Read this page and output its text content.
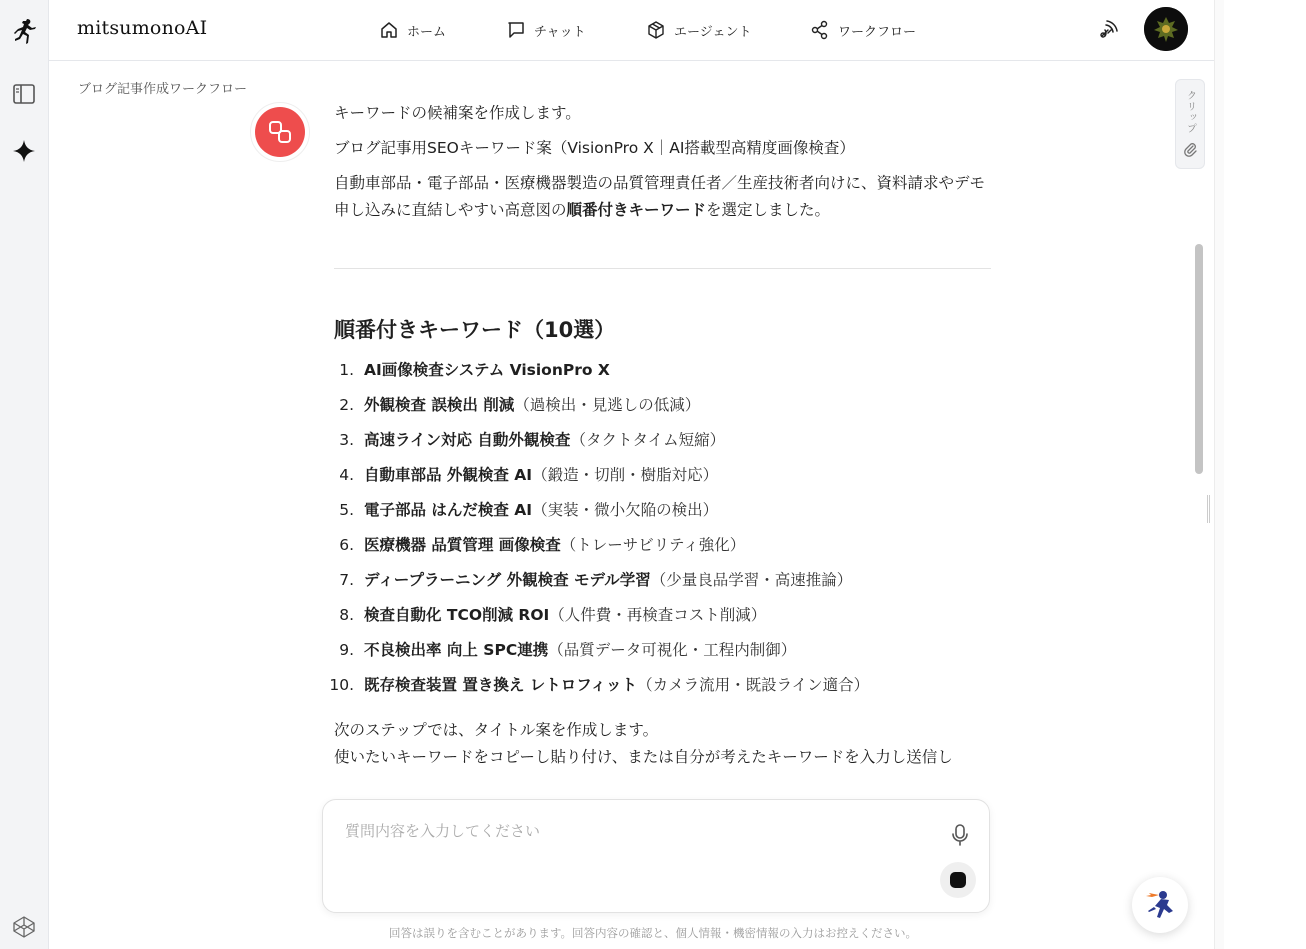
mitsumonoAI	ホーム	チャット	エージェント	ワークフロー
ブログ記事作成ワークフロー
クリップ

キーワードの候補案を作成します。

ブログ記事用SEOキーワード案（VisionPro X｜AI搭載型高精度画像検査）

自動車部品・電子部品・医療機器製造の品質管理責任者／生産技術者向けに、資料請求やデモ申し込みに直結しやすい高意図の順番付きキーワードを選定しました。

順番付きキーワード（10選）
1. AI画像検査システム VisionPro X
2. 外観検査 誤検出 削減（過検出・見逃しの低減）
3. 高速ライン対応 自動外観検査（タクトタイム短縮）
4. 自動車部品 外観検査 AI（鍛造・切削・樹脂対応）
5. 電子部品 はんだ検査 AI（実装・微小欠陥の検出）
6. 医療機器 品質管理 画像検査（トレーサビリティ強化）
7. ディープラーニング 外観検査 モデル学習（少量良品学習・高速推論）
8. 検査自動化 TCO削減 ROI（人件費・再検査コスト削減）
9. 不良検出率 向上 SPC連携（品質データ可視化・工程内制御）
10. 既存検査装置 置き換え レトロフィット（カメラ流用・既設ライン適合）

次のステップでは、タイトル案を作成します。

使いたいキーワードをコピーし貼り付け、または自分が考えたキーワードを入力し送信し

質問内容を入力してください
回答は誤りを含むことがあります。回答内容の確認と、個人情報・機密情報の入力はお控えください。
